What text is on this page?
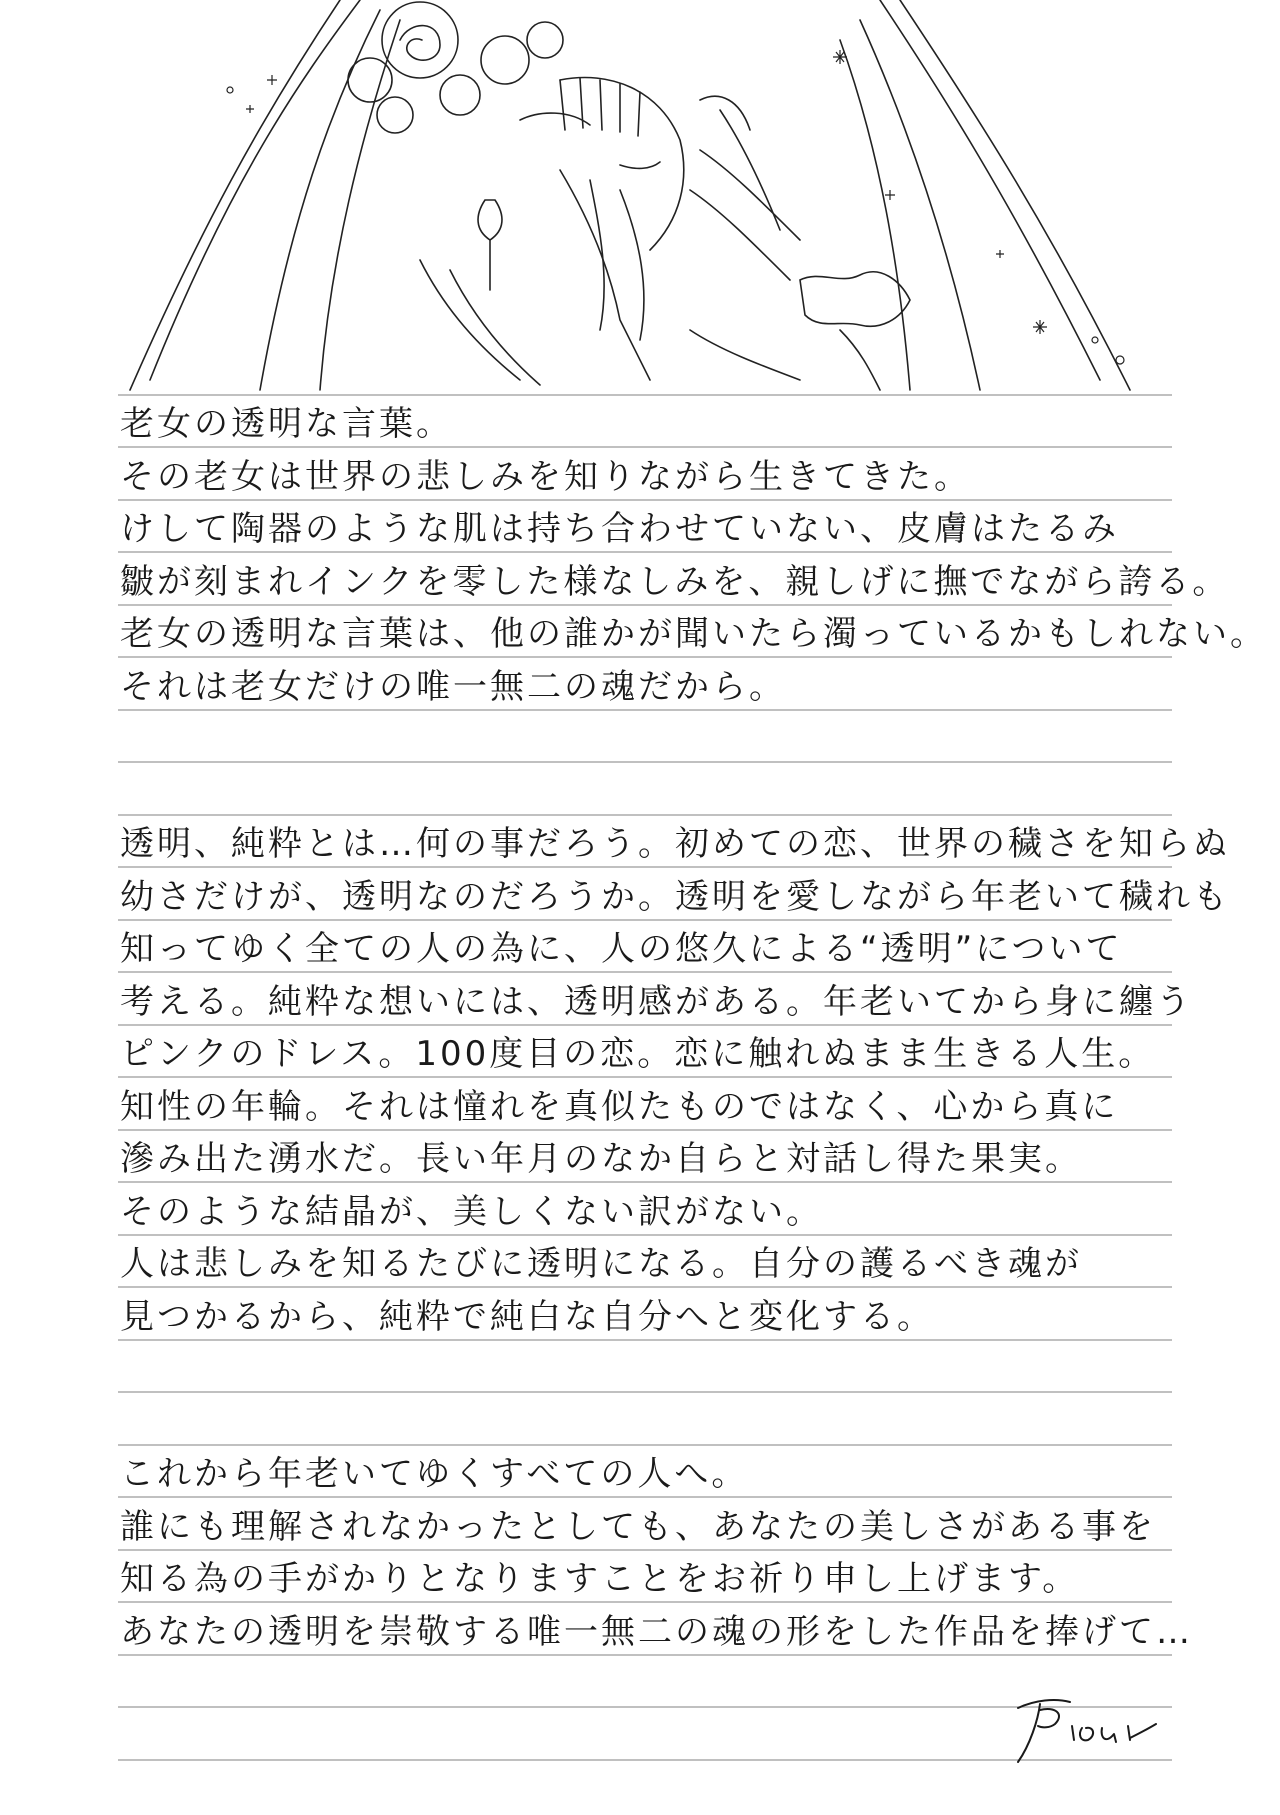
老女の透明な言葉。
その老女は世界の悲しみを知りながら生きてきた。
けして陶器のような肌は持ち合わせていない、皮膚はたるみ
皺が刻まれインクを零した様なしみを、親しげに撫でながら誇る。
老女の透明な言葉は、他の誰かが聞いたら濁っているかもしれない。
それは老女だけの唯一無二の魂だから。
透明、純粋とは…何の事だろう。初めての恋、世界の穢さを知らぬ
幼さだけが、透明なのだろうか。透明を愛しながら年老いて穢れも
知ってゆく全ての人の為に、人の悠久による“透明”について
考える。純粋な想いには、透明感がある。年老いてから身に纏う
ピンクのドレス。100度目の恋。恋に触れぬまま生きる人生。
知性の年輪。それは憧れを真似たものではなく、心から真に
滲み出た湧水だ。長い年月のなか自らと対話し得た果実。
そのような結晶が、美しくない訳がない。
人は悲しみを知るたびに透明になる。自分の護るべき魂が
見つかるから、純粋で純白な自分へと変化する。
これから年老いてゆくすべての人へ。
誰にも理解されなかったとしても、あなたの美しさがある事を
知る為の手がかりとなりますことをお祈り申し上げます。
あなたの透明を崇敬する唯一無二の魂の形をした作品を捧げて…
